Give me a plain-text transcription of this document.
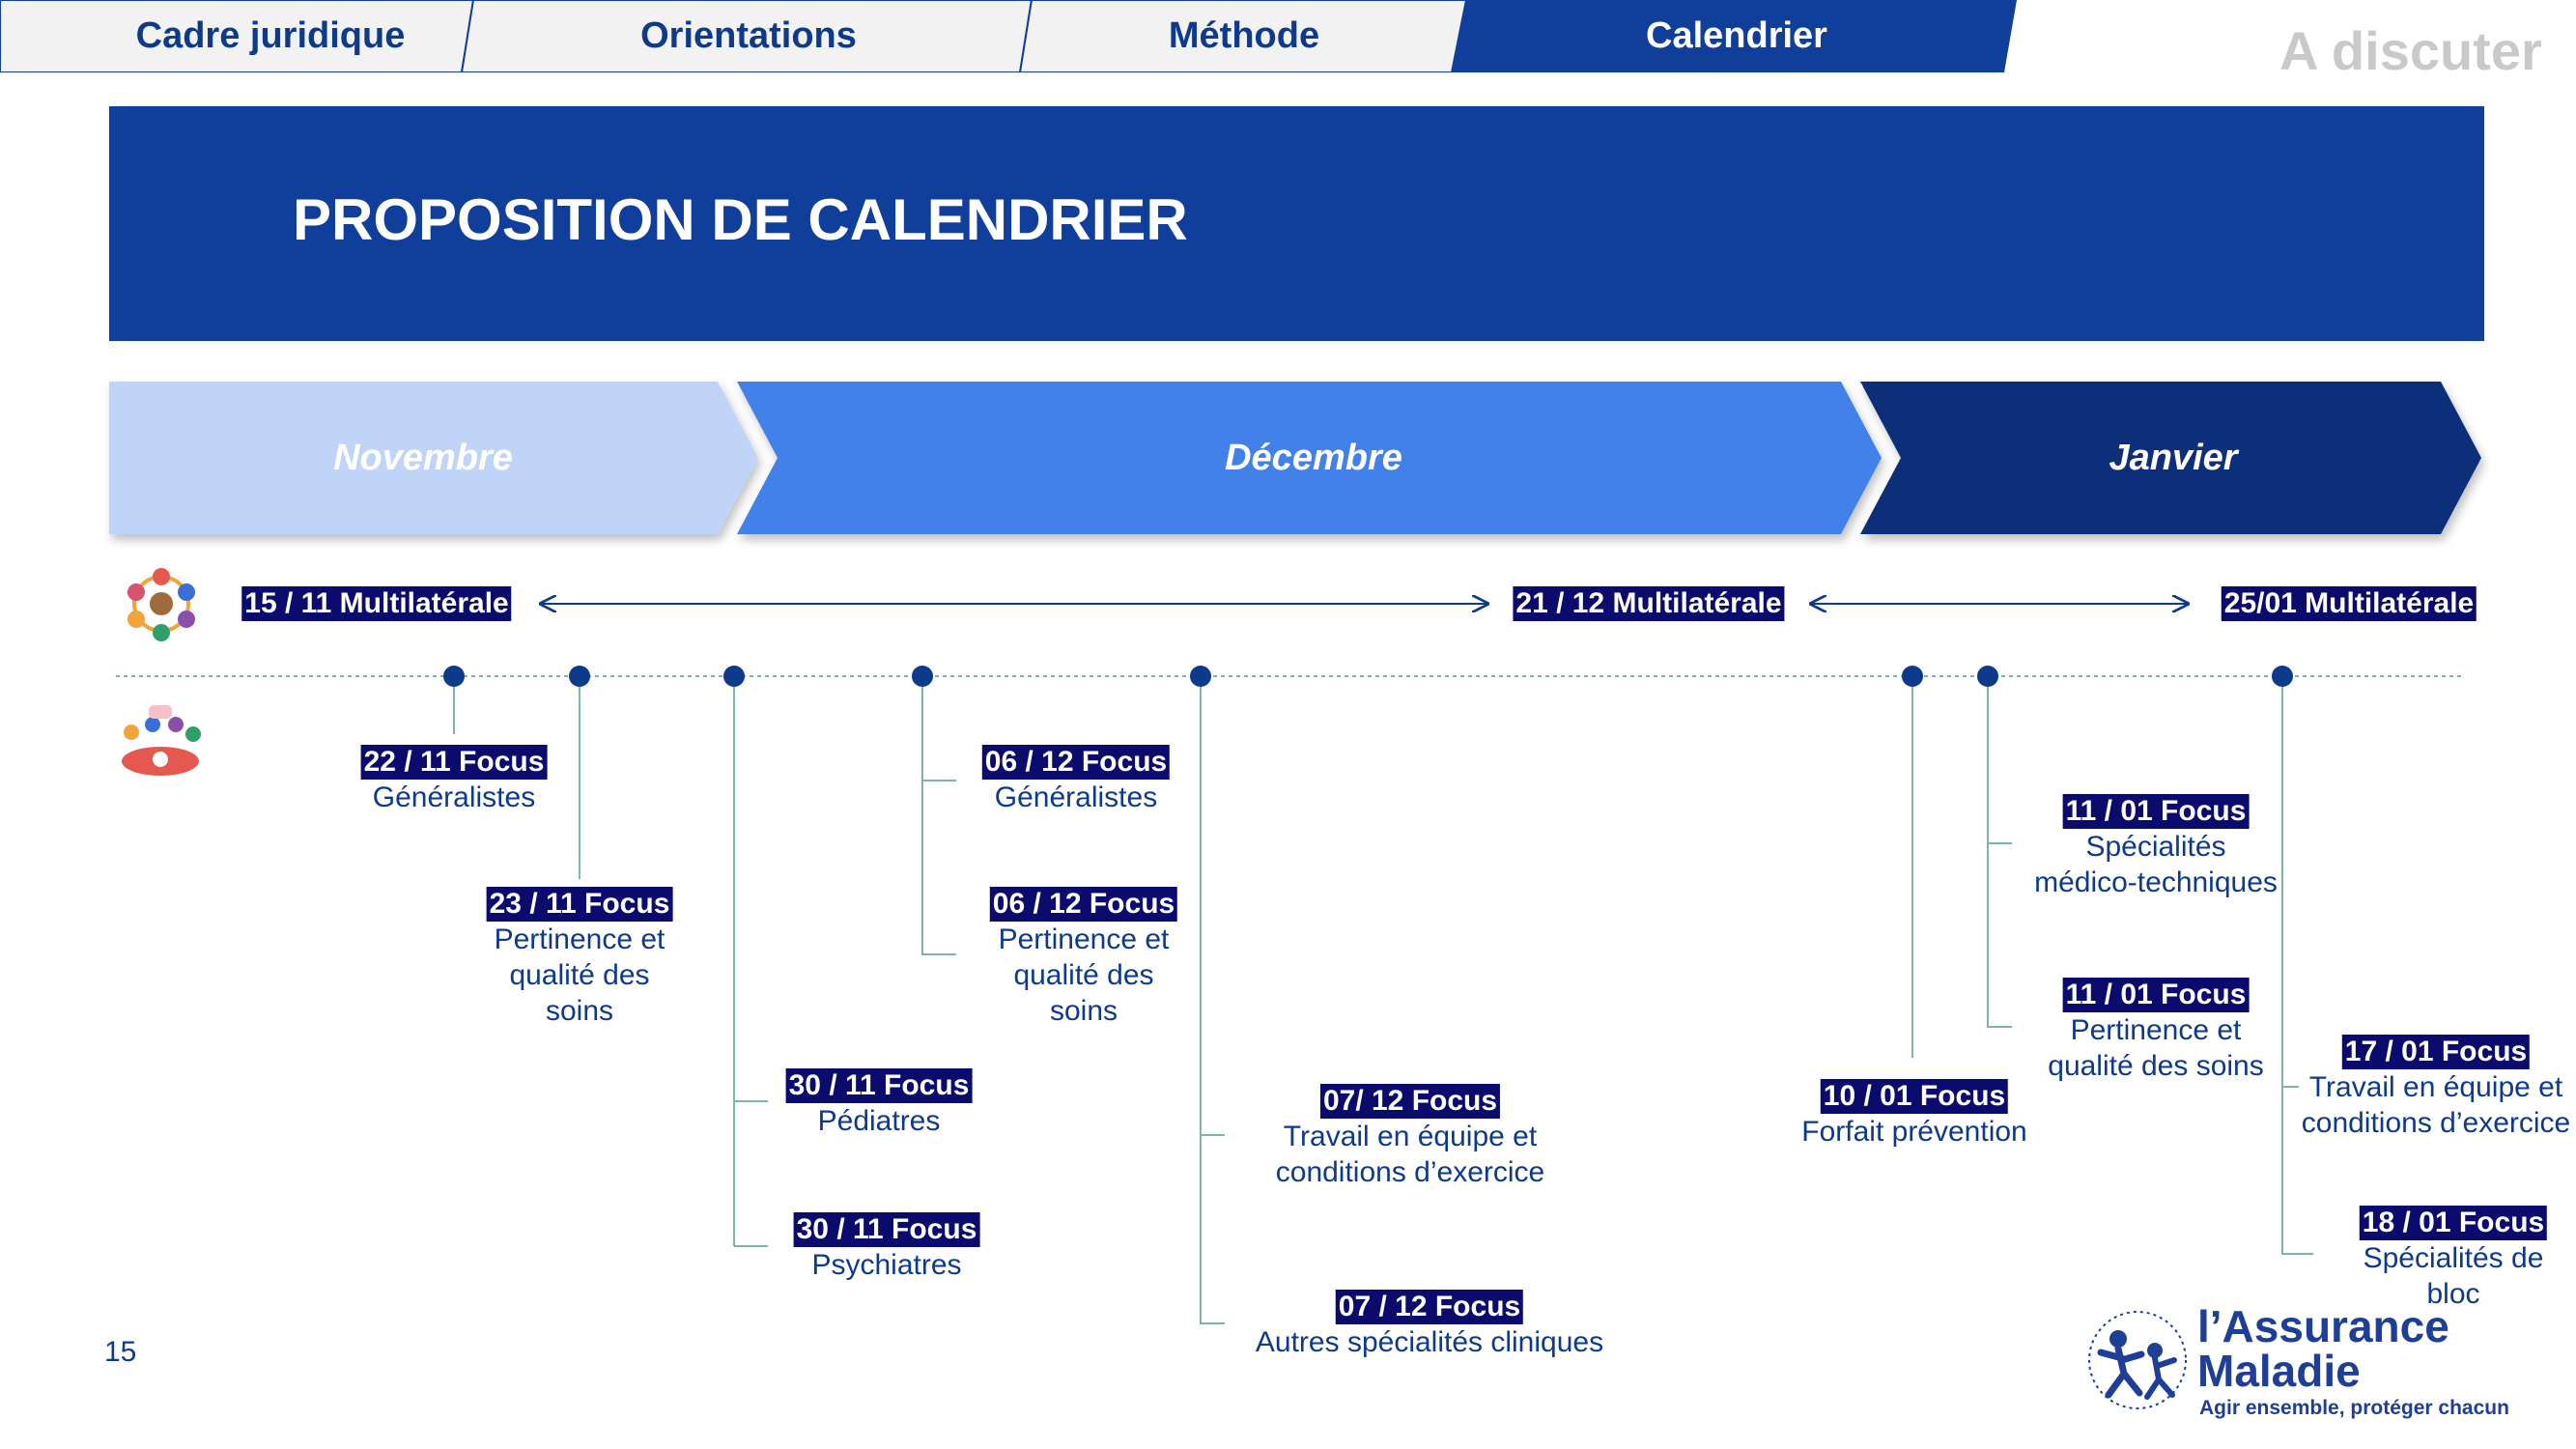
Cadre juridique	Orientations	Méthode	Calendrier	A discuter
PROPOSITION DE CALENDRIER
Novembre	Décembre	Janvier
15 / 11 Multilatérale	21 / 12 Multilatérale	25/01 Multilatérale
22 / 11 Focus
Généralistes
23 / 11 Focus
Pertinence et
qualité des
soins
30 / 11 Focus
Pédiatres
30 / 11 Focus
Psychiatres
06 / 12 Focus
Généralistes
06 / 12 Focus
Pertinence et
qualité des
soins
07/ 12 Focus
Travail en équipe et
conditions d’exercice
07 / 12 Focus
Autres spécialités cliniques
10 / 01 Focus
Forfait prévention
11 / 01 Focus
Spécialités
médico-techniques
11 / 01 Focus
Pertinence et
qualité des soins	17 / 01 Focus
Travail en équipe et
conditions d’exercice
18 / 01 Focus
Spécialités de
bloc
15
l’Assurance
Maladie
Agir ensemble, protéger chacun
